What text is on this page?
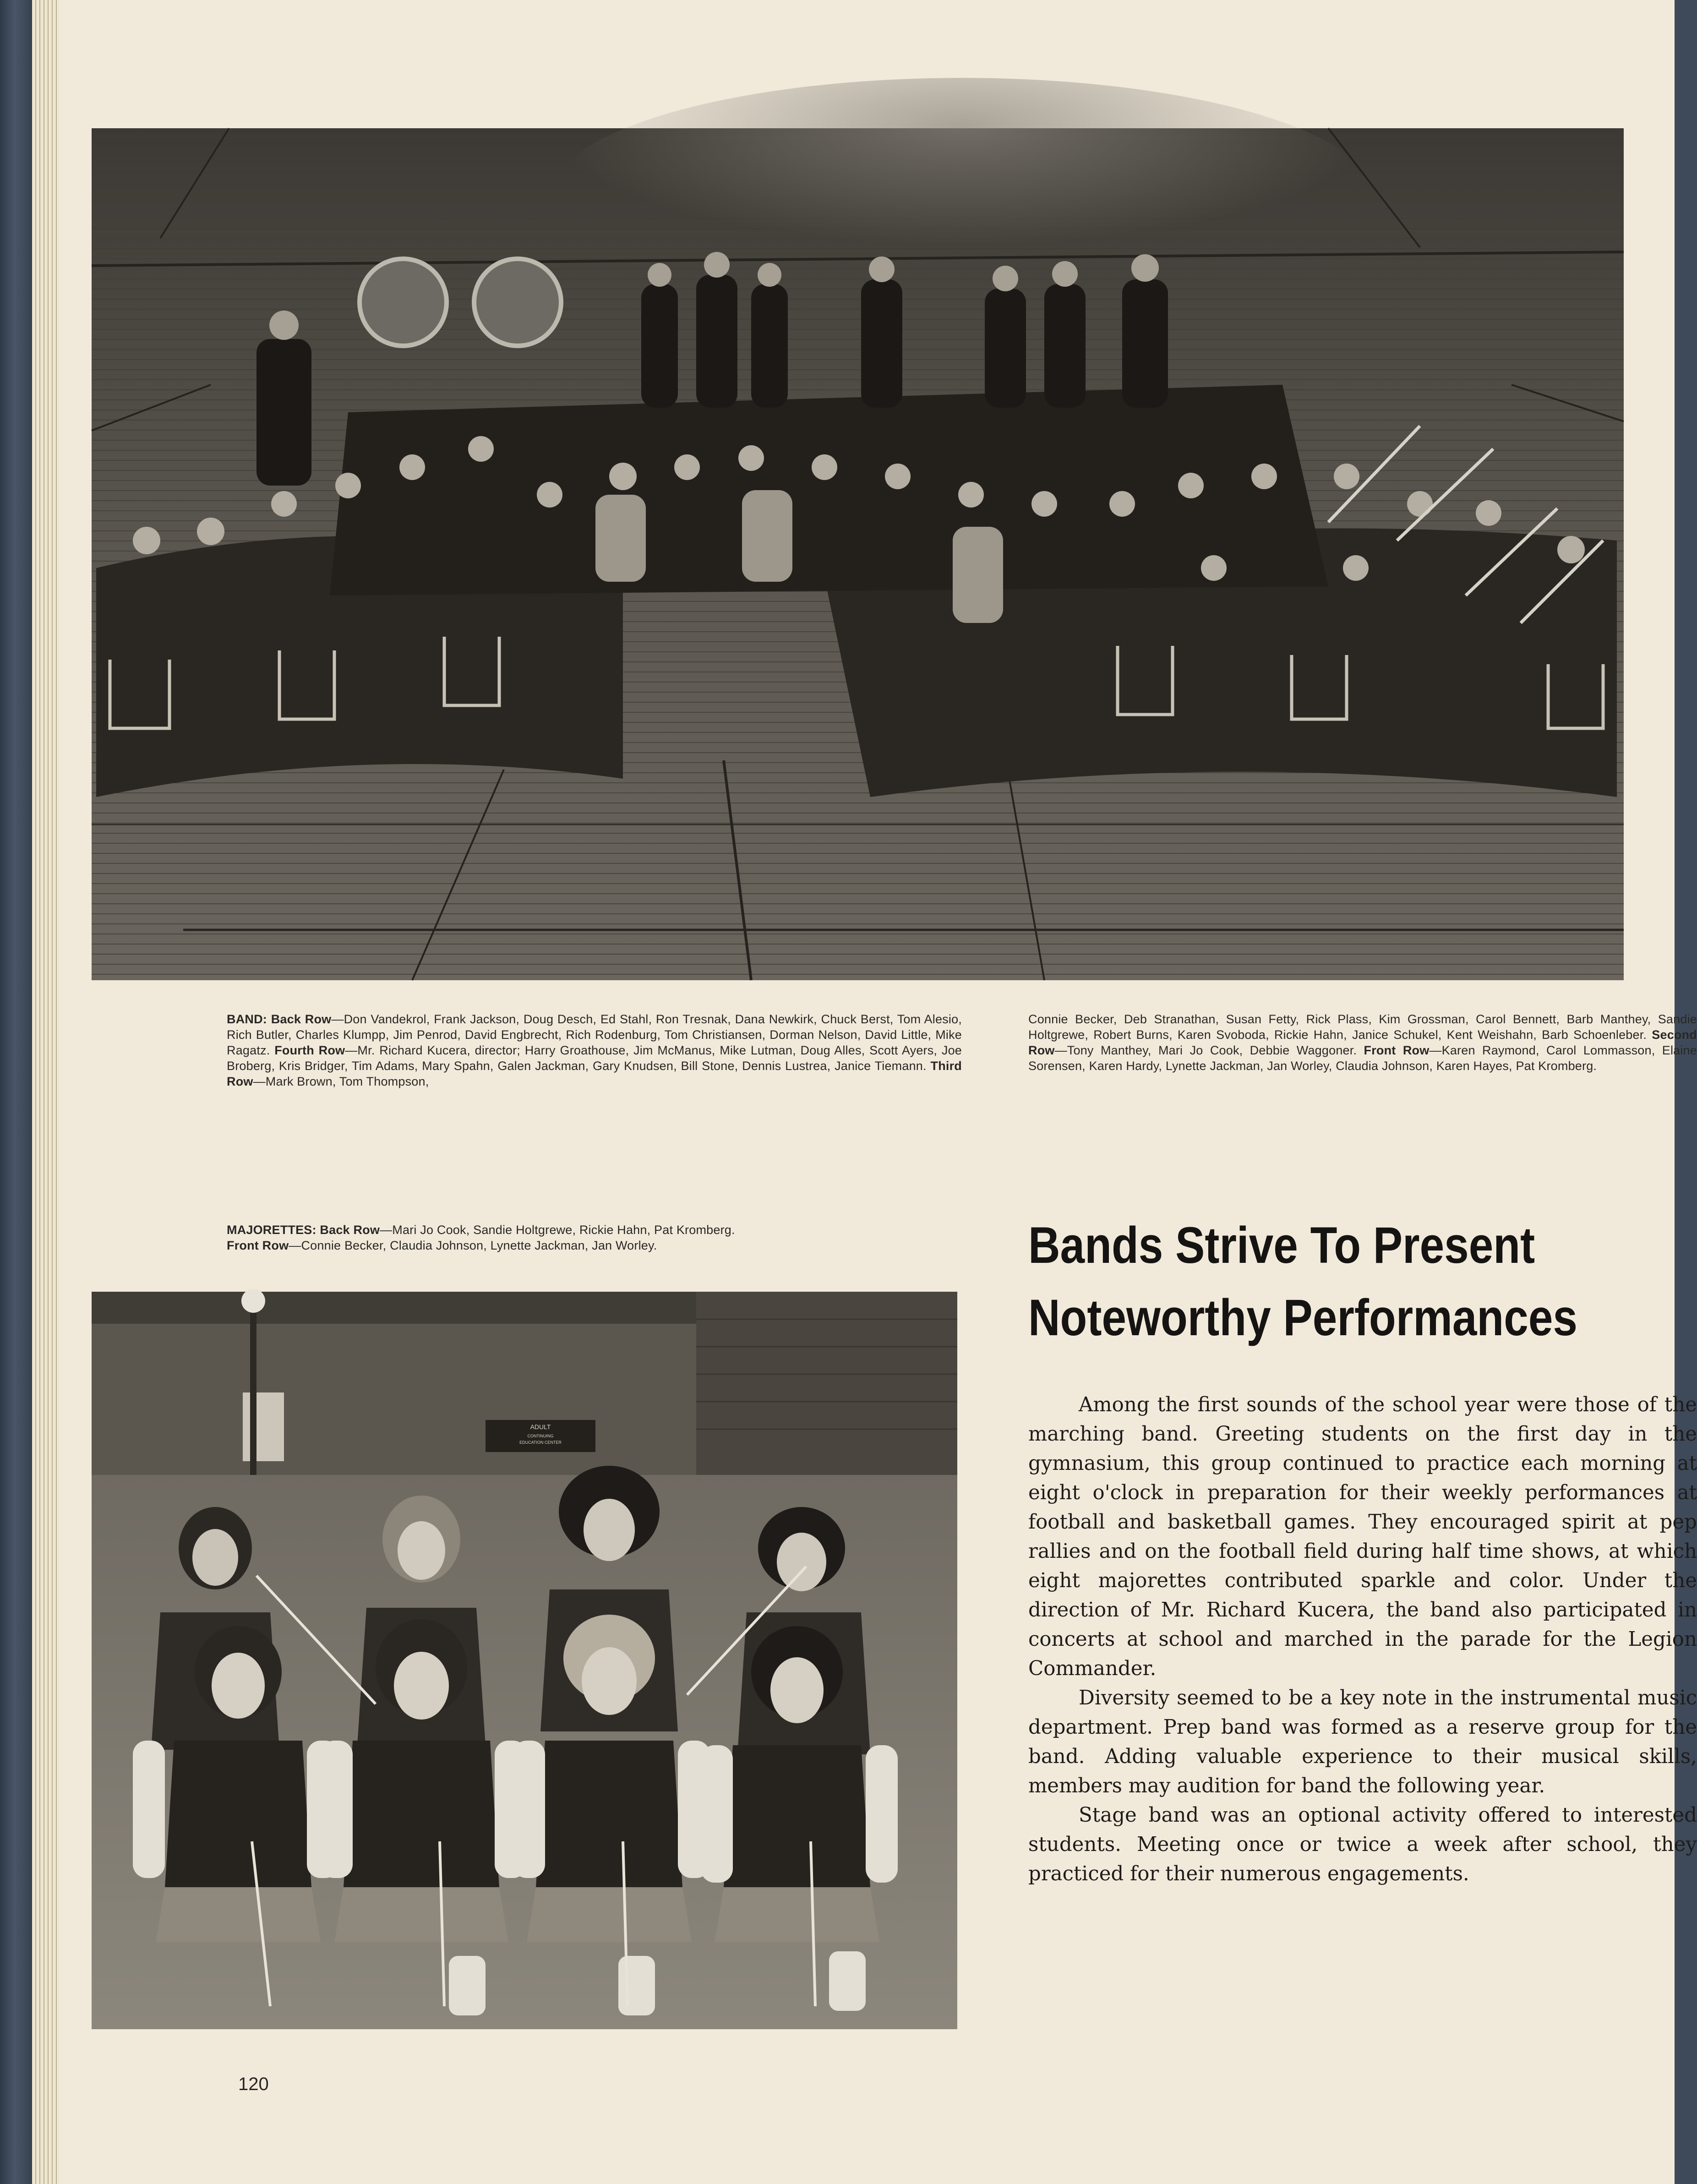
BAND: Back Row—Don Vandekrol, Frank Jackson, Doug Desch, Ed Stahl, Ron Tresnak, Dana Newkirk, Chuck Berst, Tom Alesio, Rich Butler, Charles Klumpp, Jim Penrod, David Engbrecht, Rich Rodenburg, Tom Christiansen, Dorman Nelson, David Little, Mike Ragatz. Fourth Row—Mr. Richard Kucera, director; Harry Groathouse, Jim McManus, Mike Lutman, Doug Alles, Scott Ayers, Joe Broberg, Kris Bridger, Tim Adams, Mary Spahn, Galen Jackman, Gary Knudsen, Bill Stone, Dennis Lustrea, Janice Tiemann. Third Row—Mark Brown, Tom Thompson,
Connie Becker, Deb Stranathan, Susan Fetty, Rick Plass, Kim Grossman, Carol Bennett, Barb Manthey, Sandie Holtgrewe, Robert Burns, Karen Svoboda, Rickie Hahn, Janice Schukel, Kent Weishahn, Barb Schoenleber. Second Row—Tony Manthey, Mari Jo Cook, Debbie Waggoner. Front Row—Karen Raymond, Carol Lommasson, Elaine Sorensen, Karen Hardy, Lynette Jackman, Jan Worley, Claudia Johnson, Karen Hayes, Pat Kromberg.
MAJORETTES: Back Row—Mari Jo Cook, Sandie Holtgrewe, Rickie Hahn, Pat Kromberg.
Front Row—Connie Becker, Claudia Johnson, Lynette Jackman, Jan Worley.
ADULT
CONTINUING
EDUCATION CENTER
Bands Strive To Present
Noteworthy Performances

Among the first sounds of the school year were those of the marching band. Greeting students on the first day in the gymnasium, this group continued to practice each morning at eight o'clock in preparation for their weekly performances at football and basketball games. They encouraged spirit at pep rallies and on the football field during half time shows, at which eight majorettes contributed sparkle and color. Under the direction of Mr. Richard Kucera, the band also participated in concerts at school and marched in the parade for the Legion Commander.

Diversity seemed to be a key note in the instrumental music department. Prep band was formed as a reserve group for the band. Adding valuable experience to their musical skills, members may audition for band the following year.

Stage band was an optional activity offered to interested students. Meeting once or twice a week after school, they practiced for their numerous engagements.

120
